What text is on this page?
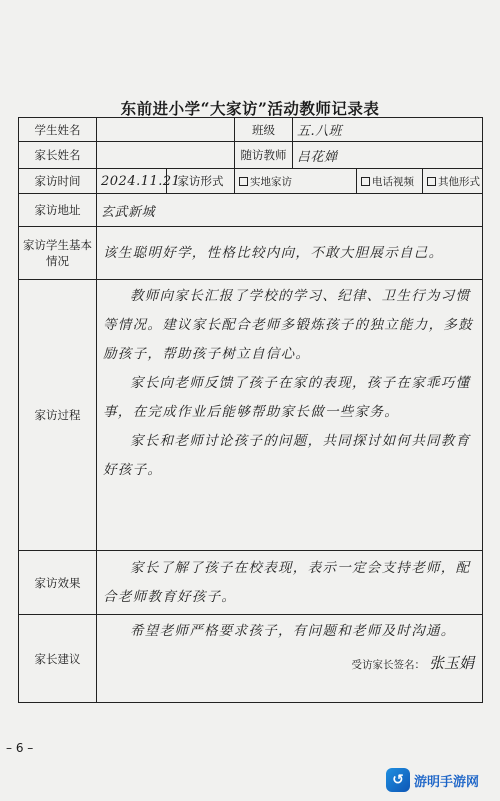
东前进小学“大家访”活动教师记录表
学生姓名			班级	五.八班		
家长姓名			随访教师	吕花婵		
家访时间	2024.11.21	家访形式	实地家访		电话视频	其他形式
家访地址	玄武新城					
家访学生基本情况	该生聪明好学，性格比较内向，不敢大胆展示自己。					

家访过程	教师向家长汇报了学校的学习、纪律、卫生行为习惯等情况。建议家长配合老师多锻炼孩子的独立能力，多鼓励孩子，帮助孩子树立自信心。

家长向老师反馈了孩子在家的表现，孩子在家乖巧懂事，在完成作业后能够帮助家长做一些家务。

家长和老师讨论孩子的问题，共同探讨如何共同教育好孩子。					

家访效果	家长了解了孩子在校表现，表示一定会支持老师，配合老师教育好孩子。					

家长建议	希望老师严格要求孩子，有问题和老师及时沟通。

受访家长签名： 张玉娟					
– 6 –
↺ 游明手游网
